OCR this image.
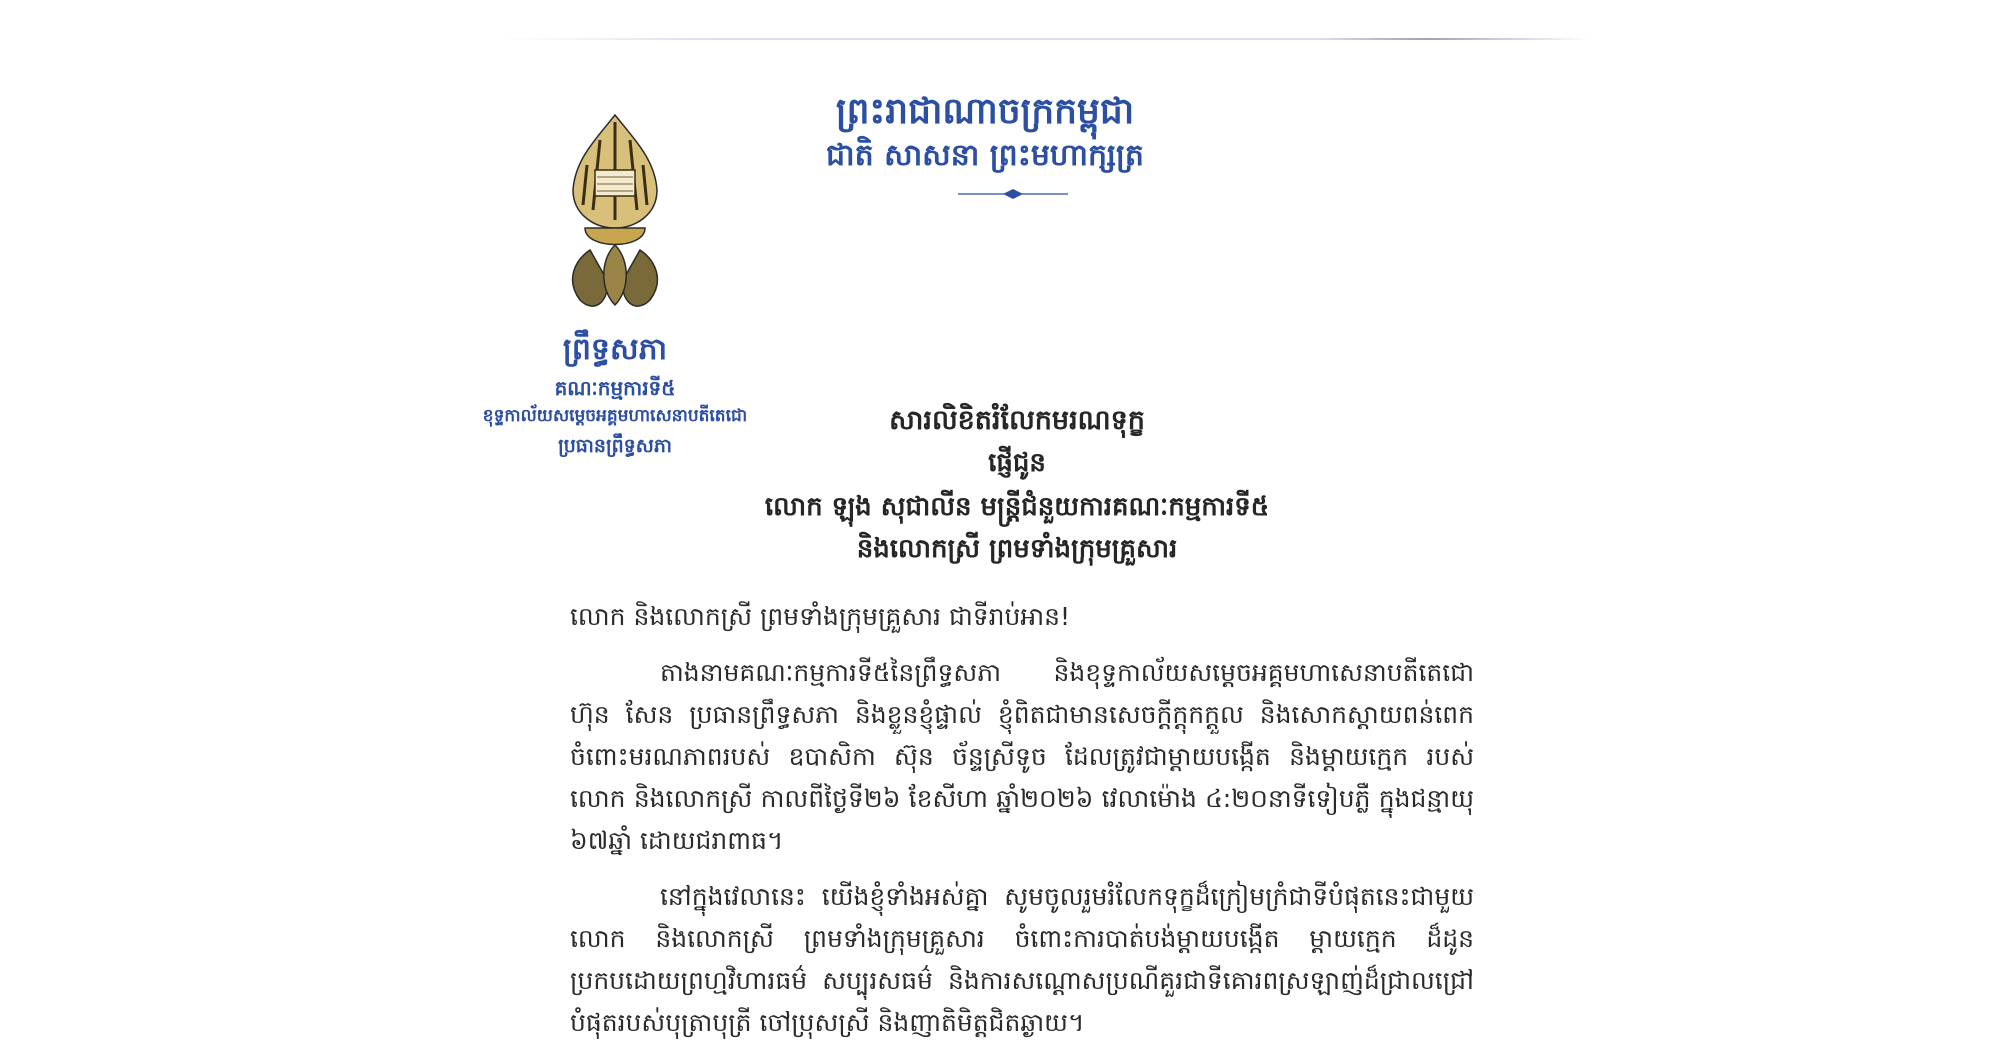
ព្រះរាជាណាចក្រកម្ពុជា
ជាតិ សាសនា ព្រះមហាក្សត្រ
ព្រឹទ្ធសភា
គណៈកម្មការទី៥
ខុទ្ទកាល័យសម្តេចអគ្គមហាសេនាបតីតេជោ
ប្រធានព្រឹទ្ធសភា
សារលិខិតរំលែកមរណទុក្ខ
ផ្ញើជូន
លោក ឡុង សុជាលីន មន្ត្រីជំនួយការគណៈកម្មការទី៥
និងលោកស្រី ព្រមទាំងក្រុមគ្រួសារ
លោក និងលោកស្រី ព្រមទាំងក្រុមគ្រួសារ ជាទីរាប់អាន!
តាងនាមគណៈកម្មការទី៥នៃព្រឹទ្ធសភា និងខុទ្ទកាល័យសម្តេចអគ្គមហាសេនាបតីតេជោ
ហ៊ុន សែន ប្រធានព្រឹទ្ធសភា និងខ្លួនខ្ញុំផ្ទាល់ ខ្ញុំពិតជាមានសេចក្តីក្តុកក្តួល និងសោកស្តាយពន់ពេក
ចំពោះមរណភាពរបស់ ឧបាសិកា ស៊ុន ច័ន្ទស្រីទូច ដែលត្រូវជាម្តាយបង្កើត និងម្តាយក្មេក របស់
លោក និងលោកស្រី កាលពីថ្ងៃទី២៦ ខែសីហា ឆ្នាំ២០២៦ វេលាម៉ោង ៤:២០នាទីទៀបភ្លឺ ក្នុងជន្មាយុ
៦៧ឆ្នាំ ដោយជរាពាធ។
នៅក្នុងវេលានេះ យើងខ្ញុំទាំងអស់គ្នា សូមចូលរួមរំលែកទុក្ខដ៏ក្រៀមក្រំជាទីបំផុតនេះជាមួយ
លោក និងលោកស្រី ព្រមទាំងក្រុមគ្រួសារ ចំពោះការបាត់បង់ម្តាយបង្កើត ម្តាយក្មេក ដ៏ដូន
ប្រកបដោយព្រហ្មវិហារធម៌ សប្បុរសធម៌ និងការសណ្តោសប្រណីគួរជាទីគោរពស្រឡាញ់ដ៏ជ្រាលជ្រៅ
បំផុតរបស់បុត្រាបុត្រី ចៅប្រុសស្រី និងញាតិមិត្តជិតឆ្ងាយ។
